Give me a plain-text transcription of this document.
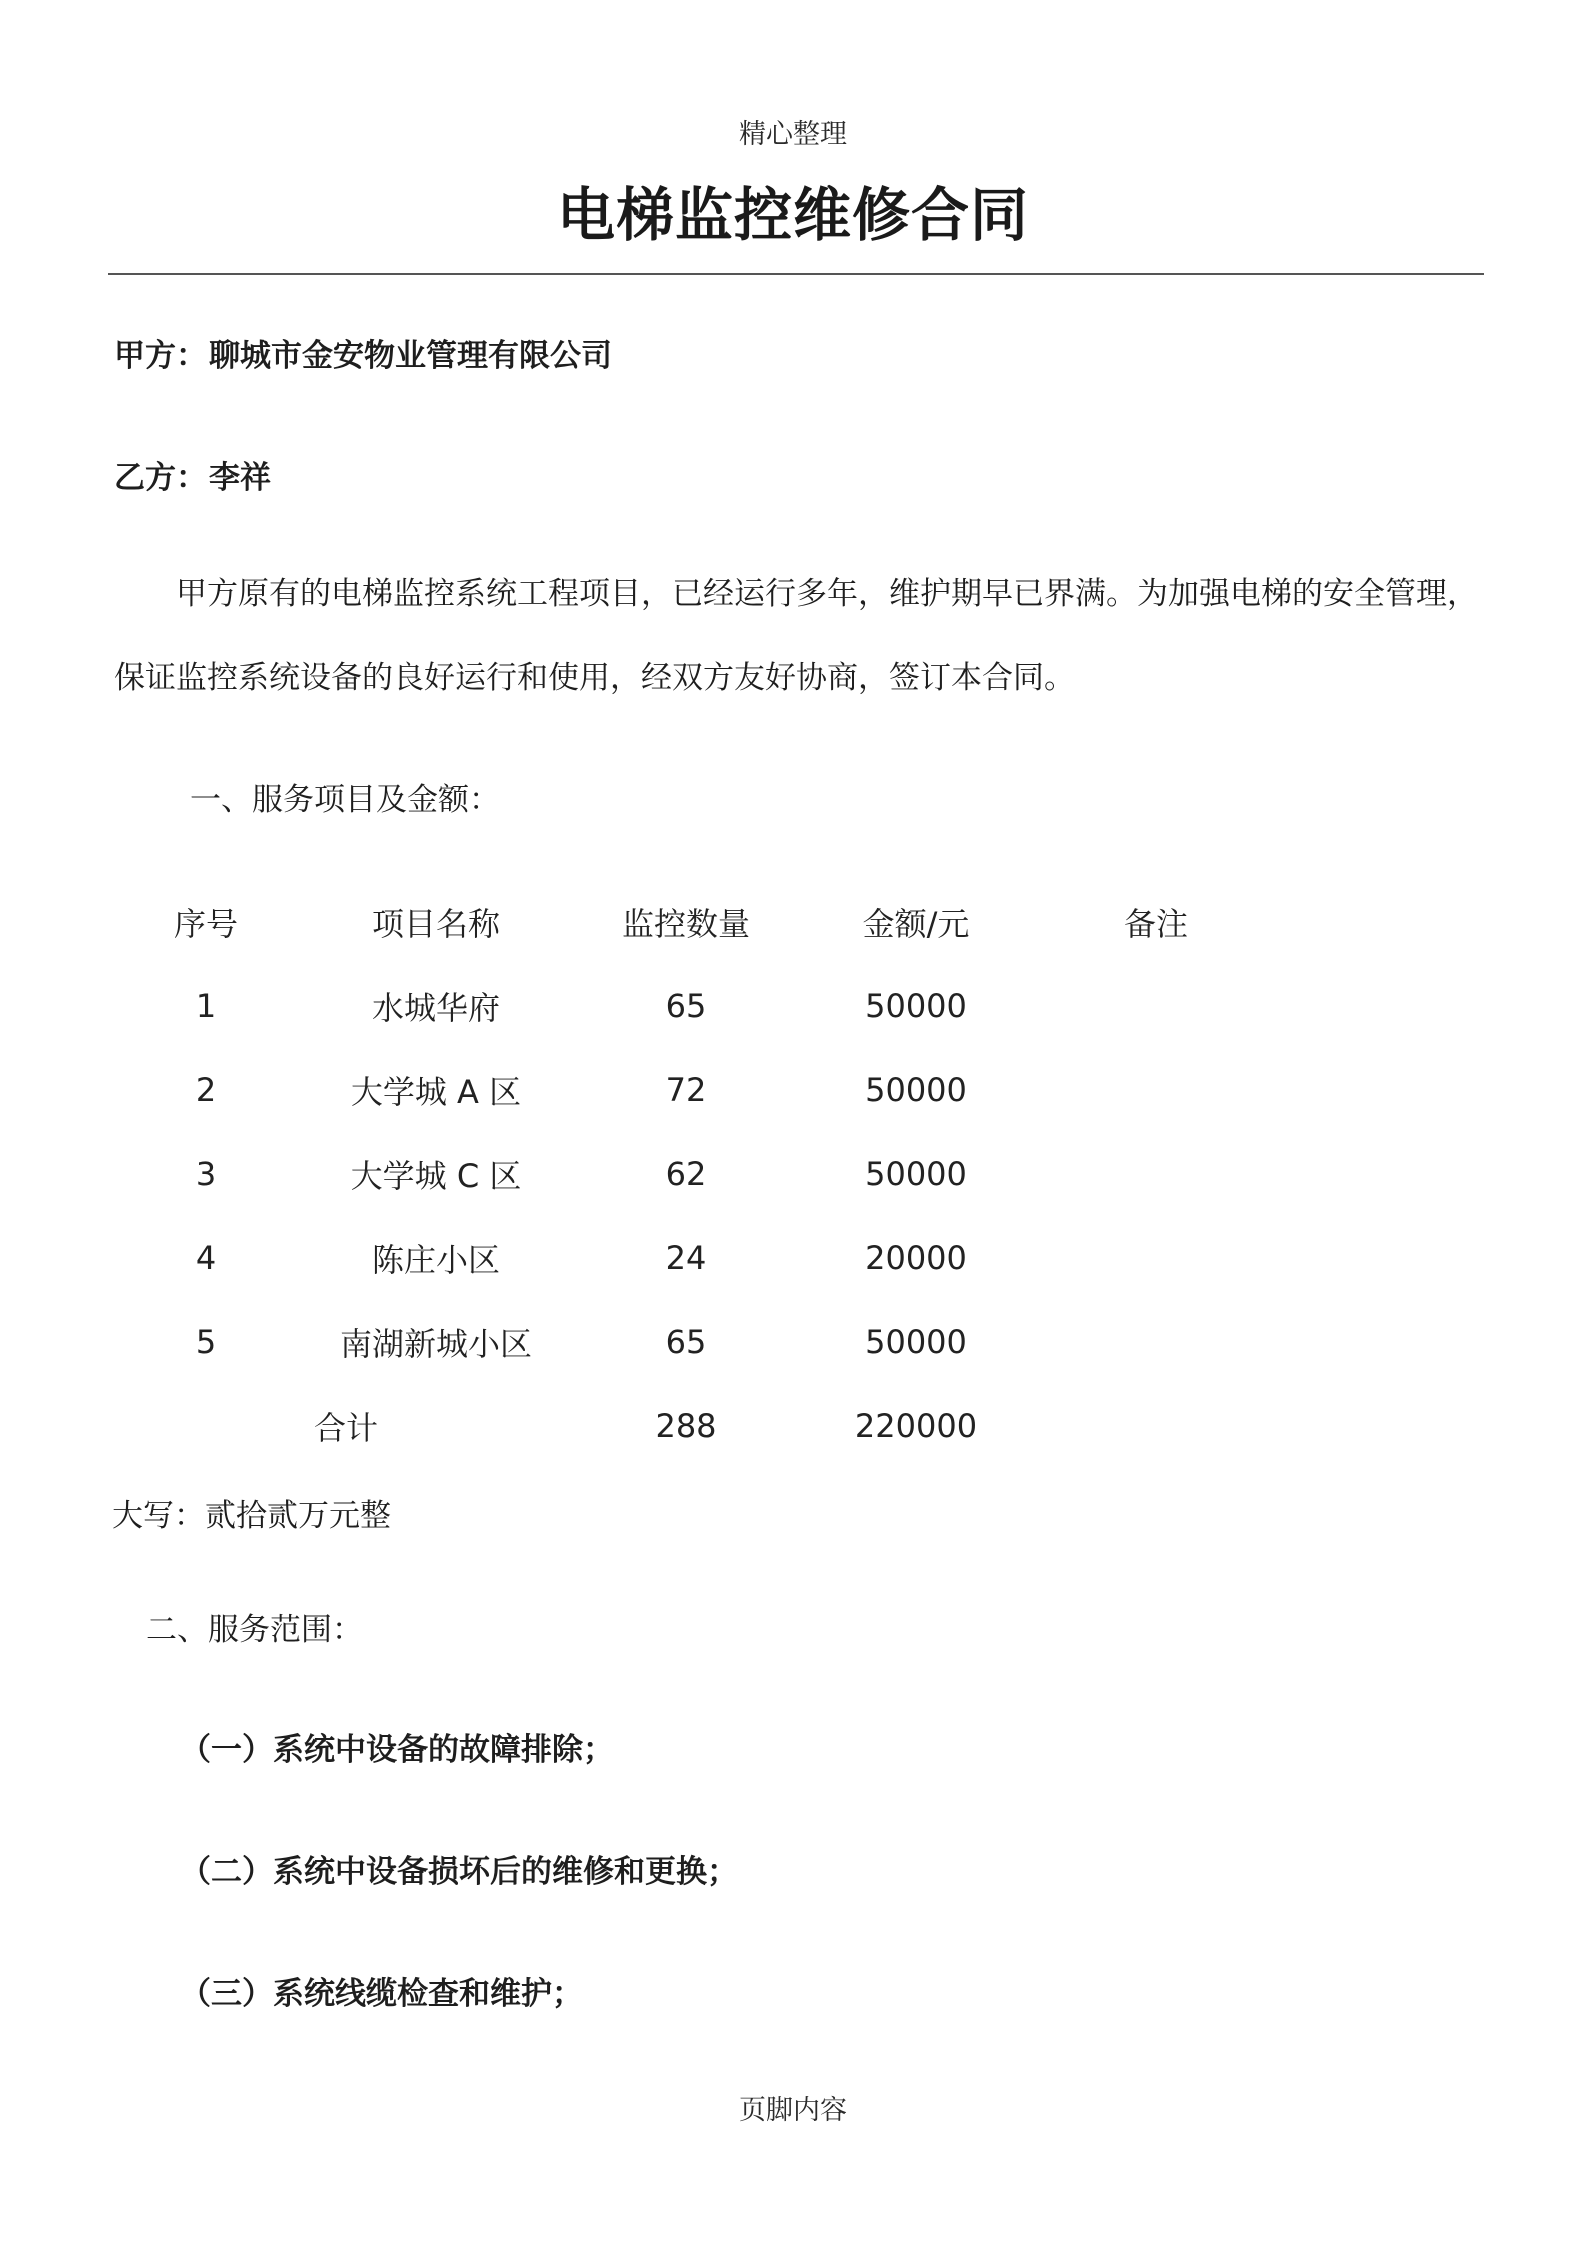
精心整理
电梯监控维修合同
甲方：聊城市金安物业管理有限公司
乙方：李祥
甲方原有的电梯监控系统工程项目，已经运行多年，维护期早已界满。为加强电梯的安全管理，
保证监控系统设备的良好运行和使用，经双方友好协商，签订本合同。
一、服务项目及金额：
序号	项目名称	监控数量	金额/元	备注
1	水城华府	65	50000	
2	大学城 A 区	72	50000	
3	大学城 C 区	62	50000	
4	陈庄小区	24	20000	
5	南湖新城小区	65	50000	
合计		288	220000	
大写：贰拾贰万元整
二、服务范围：
（一）系统中设备的故障排除；
（二）系统中设备损坏后的维修和更换；
（三）系统线缆检查和维护；
页脚内容
